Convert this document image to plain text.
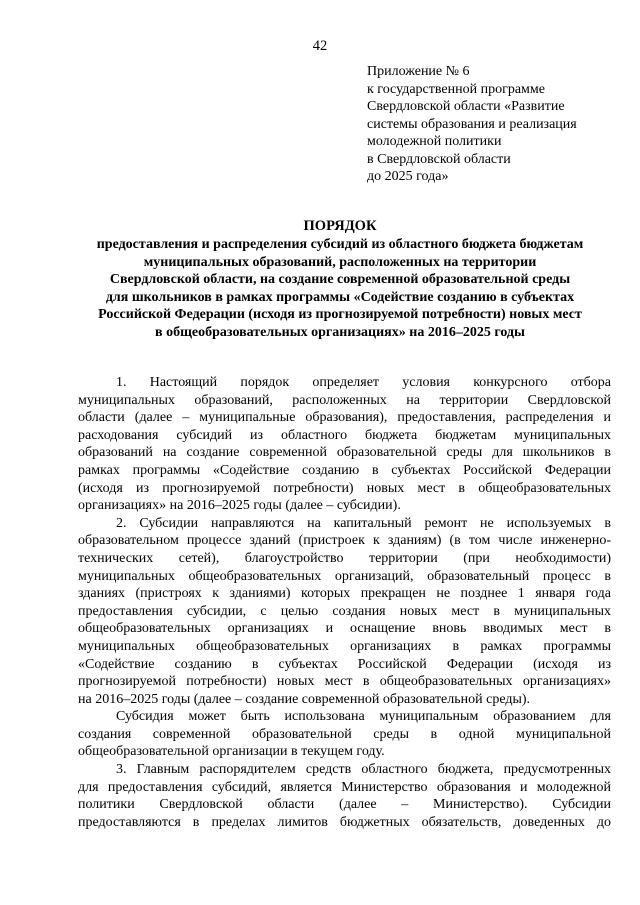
42
Приложение № 6
к государственной программе
Свердловской области «Развитие
системы образования и реализация
молодежной политики
в Свердловской области
до 2025 года»
ПОРЯДОК
предоставления и распределения субсидий из областного бюджета бюджетам
муниципальных образований, расположенных на территории
Свердловской области, на создание современной образовательной среды
для школьников в рамках программы «Содействие созданию в субъектах
Российской Федерации (исходя из прогнозируемой потребности) новых мест
в общеобразовательных организациях» на 2016–2025 годы
1. Настоящий порядок определяет условия конкурсного отбора
муниципальных образований, расположенных на территории Свердловской
области (далее – муниципальные образования), предоставления, распределения и
расходования субсидий из областного бюджета бюджетам муниципальных
образований на создание современной образовательной среды для школьников в
рамках программы «Содействие созданию в субъектах Российской Федерации
(исходя из прогнозируемой потребности) новых мест в общеобразовательных
организациях» на 2016–2025 годы (далее – субсидии).
2. Субсидии направляются на капитальный ремонт не используемых в
образовательном процессе зданий (пристроек к зданиям) (в том числе инженерно-
технических сетей), благоустройство территории (при необходимости)
муниципальных общеобразовательных организаций, образовательный процесс в
зданиях (пристроях к зданиями) которых прекращен не позднее 1 января года
предоставления субсидии, с целью создания новых мест в муниципальных
общеобразовательных организациях и оснащение вновь вводимых мест в
муниципальных общеобразовательных организациях в рамках программы
«Содействие созданию в субъектах Российской Федерации (исходя из
прогнозируемой потребности) новых мест в общеобразовательных организациях»
на 2016–2025 годы (далее – создание современной образовательной среды).
Субсидия может быть использована муниципальным образованием для
создания современной образовательной среды в одной муниципальной
общеобразовательной организации в текущем году.
3. Главным распорядителем средств областного бюджета, предусмотренных
для предоставления субсидий, является Министерство образования и молодежной
политики Свердловской области (далее – Министерство). Субсидии
предоставляются в пределах лимитов бюджетных обязательств, доведенных до
